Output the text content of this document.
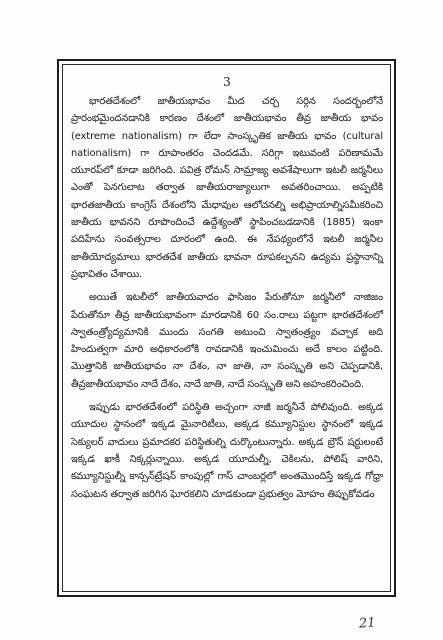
3

భారతదేశంలో జాతీయభావం మీద చర్చ సర్గిన సందర్భంలోనే ప్రారంభమైందనడానికి కారణం దేశంలో జాతీయభావం తీవ్ర జాతీయ భావం (extreme nationalism) గా లేదా సాంస్కృతిక జాతీయ భావం (cultural nationalism) గా రూపాంతరం చెందడమే. సరిగ్గా ఇటువంటి పరిణామమే యూరప్‌లో కూడా జరిగింది. పవిత్ర రోమన్ సామ్రాజ్య అవశేషాలుగా ఇటలీ జర్మనీలు ఎంతో పెనగులాట తర్వాత జాతీయరాజ్యాలుగా అవతరించాయి. అప్పటికి భారతజాతీయ కాంగ్రెస్ దేశంలోని మేధావుల ఆలోచనల్ని అభిప్రాయాల్నిసమీకరించి జాతీయ భావనని రూపొందించే ఉద్దేశ్యంతో స్థాపించబడడానికి (1885) ఇంకా పదిహేను సంవత్సరాల దూరంలో ఉంది. ఈ నేపథ్యంలోనే ఇటలీ జర్మనీల జాతీయోద్యమాలు భారతదేశ జాతీయ భావనా రూపకల్పనని ఉద్యమ ప్రస్థానాన్ని ప్రభావితం చేశాయి.

అయితే ఇటలీలో జాతీయవాదం ఫాసిజం పేరుతోనూ జర్మనీలో నాజిజం పేరుతోనూ తీవ్ర జాతీయభావంగా మారడానికి 60 సం.రాలు పట్టగా భారతదేశంలో స్వాతంత్ర్యోద్యమానికి ముందు సంగతి అటుంచి స్వాతంత్ర్యం వచ్చాక అది హిందుత్వగా మారి అధికారంలోకి రావడానికి ఇంచుమించు అదే కాలం పట్టింది. మొత్తానికి జాతీయభావం నా దేశం, నా జాతి, నా సంస్కృతి అని చెప్పడానికి, తీవ్రజాతీయభావం నాదే దేశం, నాదే జాతి, నాదే సంస్కృతి అని అహంకరించింది.

ఇప్పుడు భారతదేశంలో పరిస్థితి అచ్చంగా నాజీ జర్మనీనే పోలివుంది. అక్కడ యూదుల స్థానంలో ఇక్కడ మైనారిటీలు, అక్కడ కమ్యూనిస్టుల స్థానంలో ఇక్కడ సెక్యులర్ వాదులు ప్రమాదకర పరిస్థితుల్ని దుర్కొంటున్నారు. అక్కడ బ్రౌన్ షర్టులంటే ఇక్కడ ఖాకీ నిక్కర్లున్నాయి. అక్కడ యూదుల్నీ, చెకిలను, పోలిష్ వారిని, కమ్యూనిస్టుల్నీ కాన్సన్‌ట్రేషన్ కాంపుల్లో గాస్ చాంబర్లలో అంతమొందిస్తే ఇక్కడ గోధ్రా సంఘటన తర్వాత జరిగిన ఘోరకలిని చూడకుండా ప్రభుత్వం మోహం తిప్పుకోవడం

21
